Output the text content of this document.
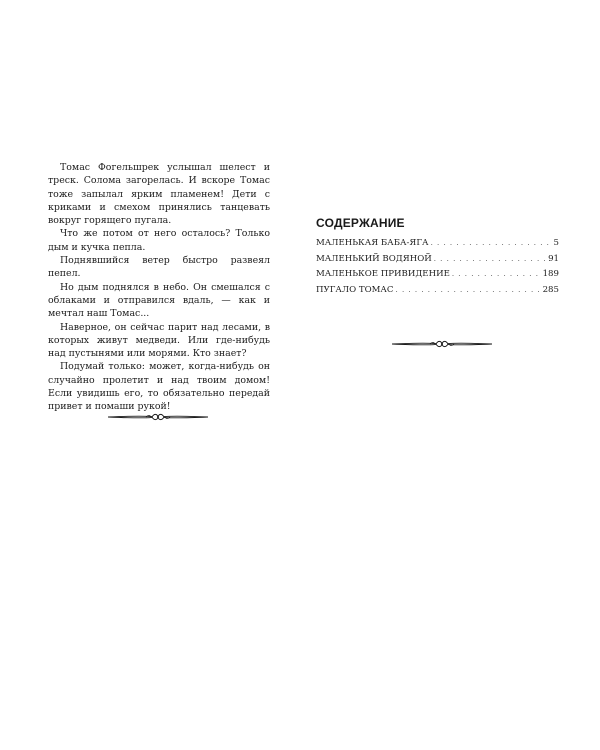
Томас Фогельшрек услышал шелест и треск. Солома загорелась. И вскоре Томас тоже запылал ярким пламенем! Дети с криками и смехом принялись танцевать вокруг горящего пугала.

Что же потом от него осталось? Только дым и кучка пепла.

Поднявшийся ветер быстро развеял пепел.

Но дым поднялся в небо. Он смешался с облаками и отправился вдаль, — как и мечтал наш Томас...

Наверное, он сейчас парит над лесами, в которых живут медведи. Или где-нибудь над пустынями или морями. Кто знает?

Подумай только: может, когда-нибудь он случайно пролетит и над твоим домом! Если увидишь его, то обязательно передай привет и помаши рукой!

СОДЕРЖАНИЕ
МАЛЕНЬКАЯ БАБА-ЯГА . . .	5
МАЛЕНЬКИЙ ВОДЯНОЙ . . .	91
МАЛЕНЬКОЕ ПРИВИДЕНИЕ . . .	189
ПУГАЛО ТОМАС . . .	285
